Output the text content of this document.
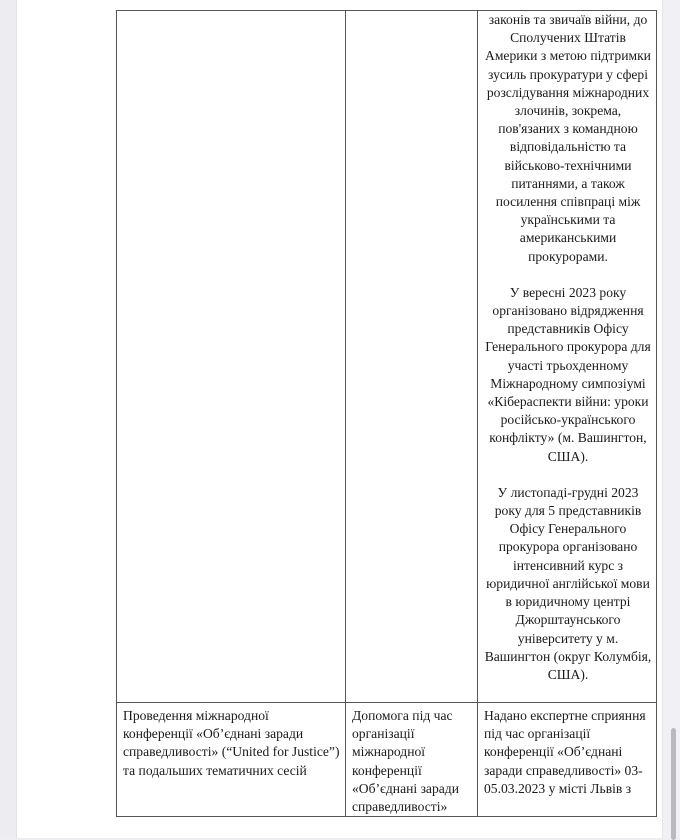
		законів та звичаїв війни, до Сполучених Штатів Америки з метою підтримки зусиль прокуратури у сфері розслідування міжнародних злочинів, зокрема, пов'язаних з командною відповідальністю та військово-технічними питаннями, а також посилення співпраці між українськими та американськими прокурорами.

У вересні 2023 року організовано відрядження представників Офісу Генерального прокурора для участі трьохденному Міжнародному симпозіумі «Кібераспекти війни: уроки російсько-українського конфлікту» (м. Вашингтон, США).

У листопаді-грудні 2023 року для 5 представників Офісу Генерального прокурора організовано інтенсивний курс з юридичної англійської мови в юридичному центрі Джорштаунського університету у м. Вашингтон (округ Колумбія, США).

Проведення міжнародної конференції «Об’єднані заради справедливості» (“United for Justice”) та подальших тематичних сесій	Допомога під час організації міжнародної конференції «Об’єднані заради справедливості»	Надано експертне сприяння під час організації конференції «Об’єднані заради справедливості» 03-05.03.2023 у місті Львів з
